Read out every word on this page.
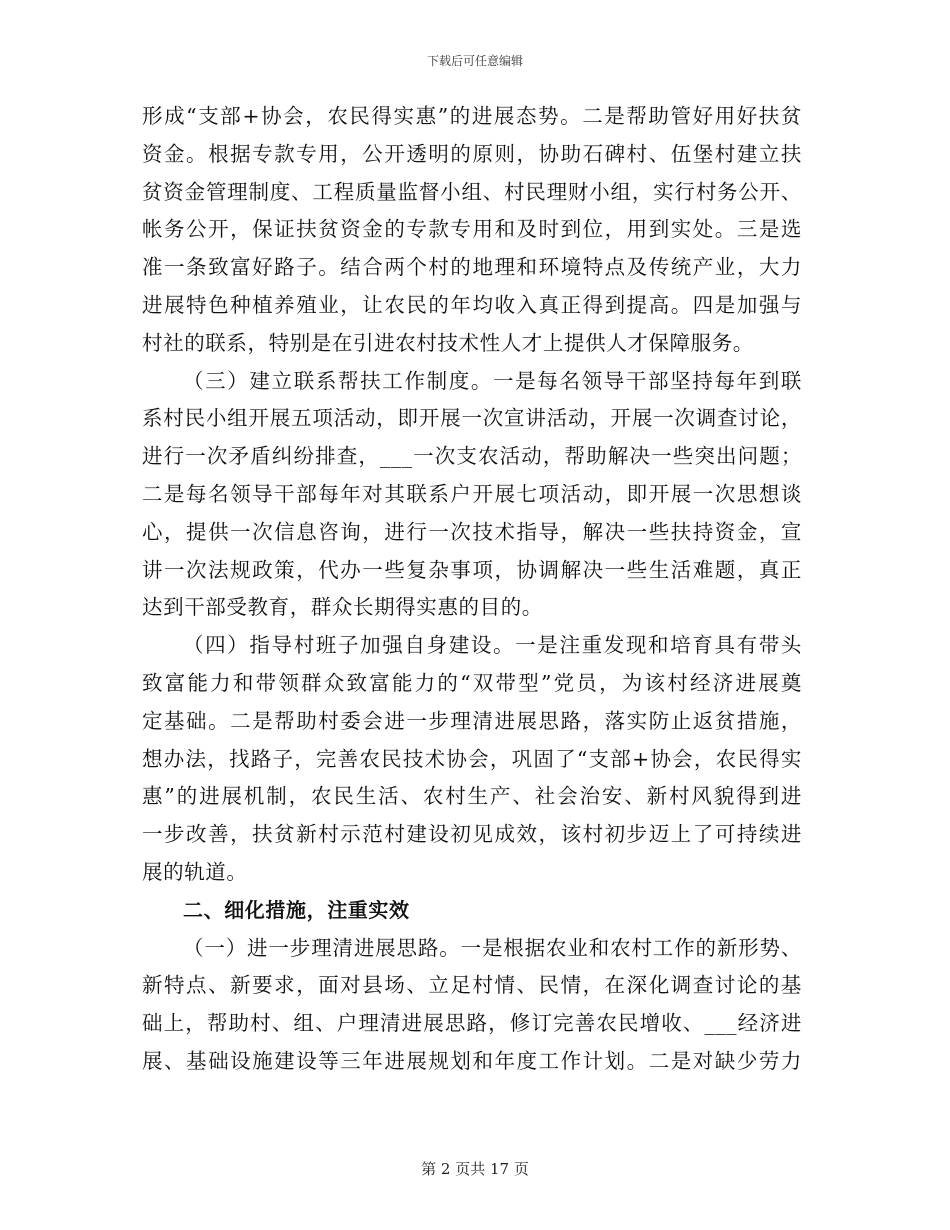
下载后可任意编辑
形成“支部+协会，农民得实惠”的进展态势。二是帮助管好用好扶贫
资金。根据专款专用，公开透明的原则，协助石碑村、伍堡村建立扶
贫资金管理制度、工程质量监督小组、村民理财小组，实行村务公开、
帐务公开，保证扶贫资金的专款专用和及时到位，用到实处。三是选
准一条致富好路子。结合两个村的地理和环境特点及传统产业，大力
进展特色种植养殖业，让农民的年均收入真正得到提高。四是加强与
村社的联系，特别是在引进农村技术性人才上提供人才保障服务。
（三）建立联系帮扶工作制度。一是每名领导干部坚持每年到联
系村民小组开展五项活动，即开展一次宣讲活动，开展一次调查讨论，
进行一次矛盾纠纷排查，___一次支农活动，帮助解决一些突出问题；
二是每名领导干部每年对其联系户开展七项活动，即开展一次思想谈
心，提供一次信息咨询，进行一次技术指导，解决一些扶持资金，宣
讲一次法规政策，代办一些复杂事项，协调解决一些生活难题，真正
达到干部受教育，群众长期得实惠的目的。
（四）指导村班子加强自身建设。一是注重发现和培育具有带头
致富能力和带领群众致富能力的“双带型”党员，为该村经济进展奠
定基础。二是帮助村委会进一步理清进展思路，落实防止返贫措施，
想办法，找路子，完善农民技术协会，巩固了“支部+协会，农民得实
惠”的进展机制，农民生活、农村生产、社会治安、新村风貌得到进
一步改善，扶贫新村示范村建设初见成效，该村初步迈上了可持续进
展的轨道。
二、细化措施，注重实效
（一）进一步理清进展思路。一是根据农业和农村工作的新形势、
新特点、新要求，面对县场、立足村情、民情，在深化调查讨论的基
础上，帮助村、组、户理清进展思路，修订完善农民增收、___经济进
展、基础设施建设等三年进展规划和年度工作计划。二是对缺少劳力
第 2 页共 17 页
